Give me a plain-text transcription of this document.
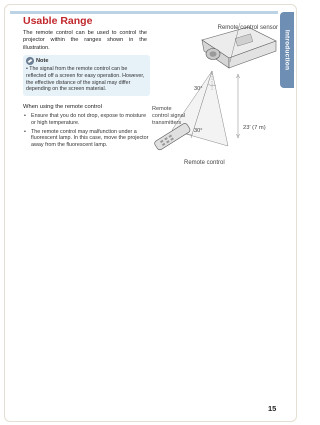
Introduction
Usable Range
The remote control can be used to control the projector within the ranges shown in the illustration.
Note
• The signal from the remote control can be reflected off a screen for easy operation. However, the effective distance of the signal may differ depending on the screen material.
When using the remote control
• Ensure that you do not drop, expose to moisture or high temperature.
• The remote control may malfunction under a fluorescent lamp. In this case, move the projector away from the fluorescent lamp.
Remote control sensor
30°
Remote
control signal
transmitters
30°	23' (7 m)
Remote control
15
